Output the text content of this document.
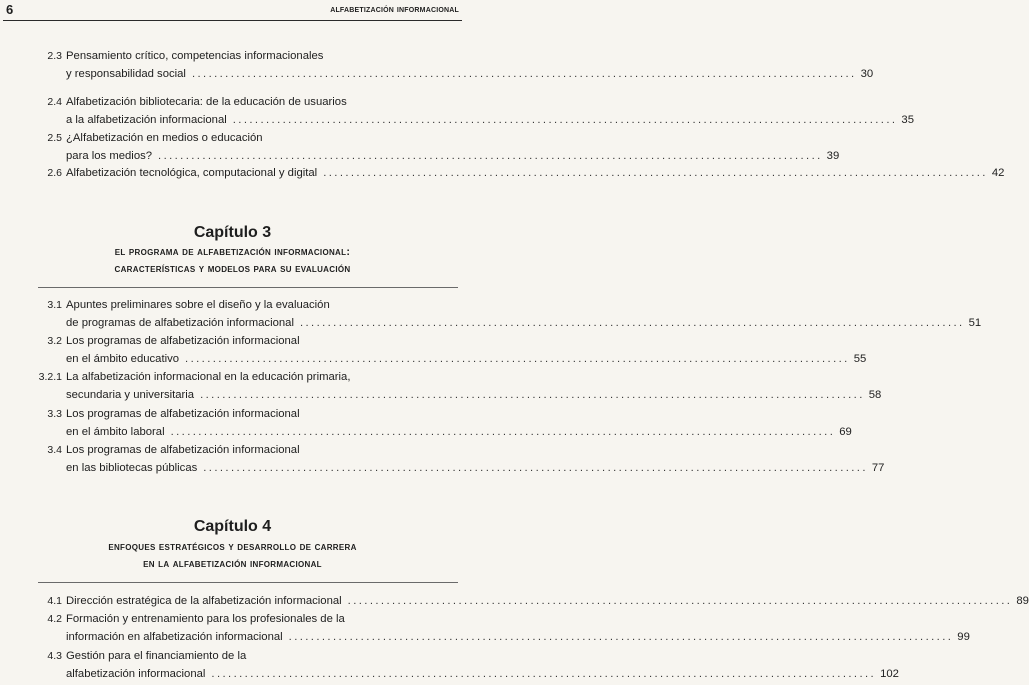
6	alfabetización informacional
2.3 Pensamiento crítico, competencias informacionales
y responsabilidad social ........................................................................................................................ 30
2.4 Alfabetización bibliotecaria: de la educación de usuarios
a la alfabetización informacional ........................................................................................................................ 35
2.5 ¿Alfabetización en medios o educación
para los medios? ........................................................................................................................ 39
2.6 Alfabetización tecnológica, computacional y digital ........................................................................................................................ 42
Capítulo 3
el programa de alfabetización informacional:
características y modelos para su evaluación
3.1 Apuntes preliminares sobre el diseño y la evaluación
de programas de alfabetización informacional ........................................................................................................................ 51
3.2 Los programas de alfabetización informacional
en el ámbito educativo ........................................................................................................................ 55
3.2.1 La alfabetización informacional en la educación primaria,
secundaria y universitaria ........................................................................................................................ 58
3.3 Los programas de alfabetización informacional
en el ámbito laboral ........................................................................................................................ 69
3.4 Los programas de alfabetización informacional
en las bibliotecas públicas ........................................................................................................................ 77
Capítulo 4
enfoques estratégicos y desarrollo de carrera
en la alfabetización informacional
4.1 Dirección estratégica de la alfabetización informacional ........................................................................................................................ 89
4.2 Formación y entrenamiento para los profesionales de la
información en alfabetización informacional ........................................................................................................................ 99
4.3 Gestión para el financiamiento de la
alfabetización informacional ........................................................................................................................ 102
